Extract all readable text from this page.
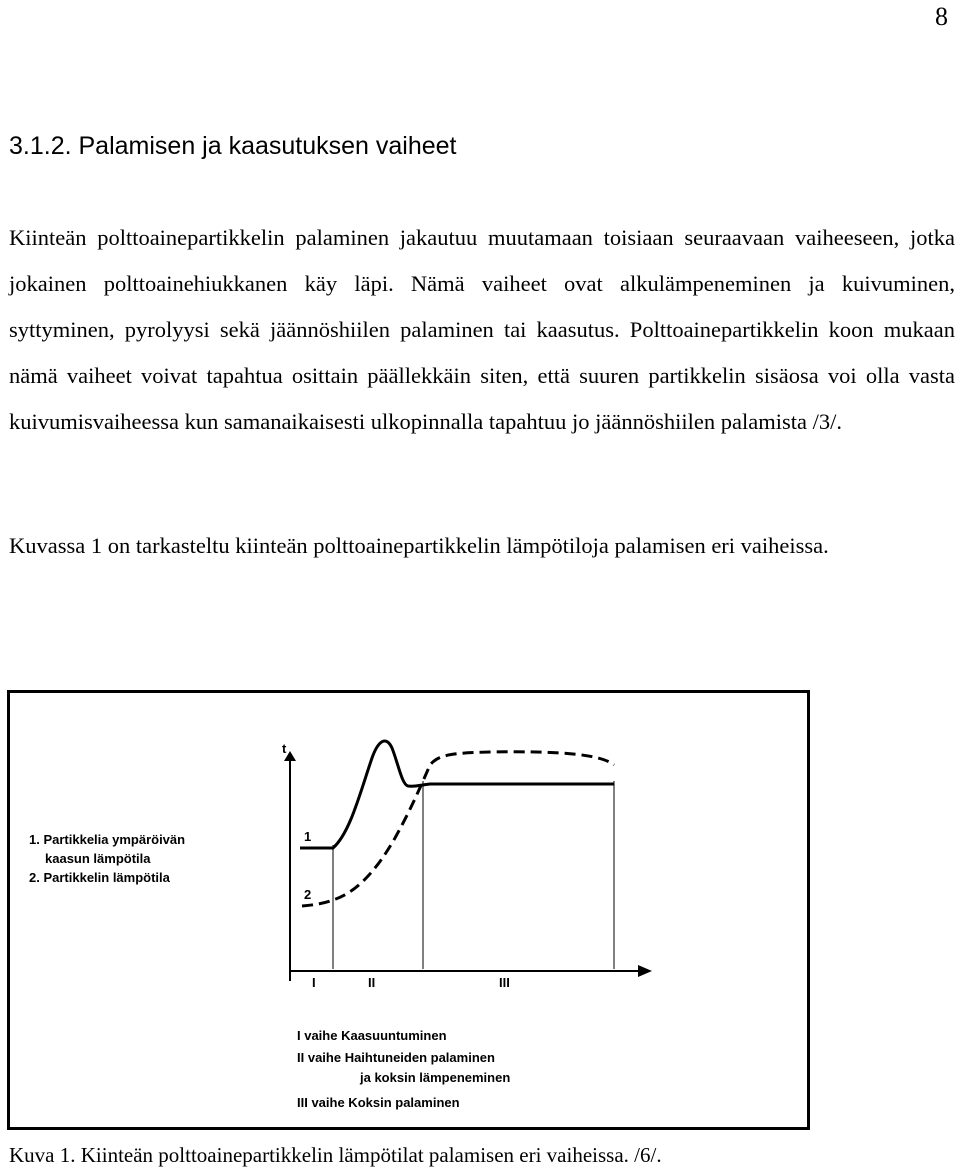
8
3.1.2. Palamisen ja kaasutuksen vaiheet

Kiinteän polttoainepartikkelin palaminen jakautuu muutamaan toisiaan seuraavaan vaiheeseen, jotka jokainen polttoainehiukkanen käy läpi. Nämä vaiheet ovat alkulämpeneminen ja kuivuminen, syttyminen, pyrolyysi sekä jäännöshiilen palaminen tai kaasutus. Polttoainepartikkelin koon mukaan nämä vaiheet voivat tapahtua osittain päällekkäin siten, että suuren partikkelin sisäosa voi olla vasta kuivumisvaiheessa kun samanaikaisesti ulkopinnalla tapahtuu jo jäännöshiilen palamista /3/.

Kuvassa 1 on tarkasteltu kiinteän polttoainepartikkelin lämpötiloja palamisen eri vaiheissa.

t
1
2
1. Partikkelia ympäröivän
kaasun lämpötila
2. Partikkelin lämpötila
I	II	III
I vaihe Kaasuuntuminen
II vaihe Haihtuneiden palaminen
ja koksin lämpeneminen
III vaihe Koksin palaminen
Kuva 1. Kiinteän polttoainepartikkelin lämpötilat palamisen eri vaiheissa. /6/.
